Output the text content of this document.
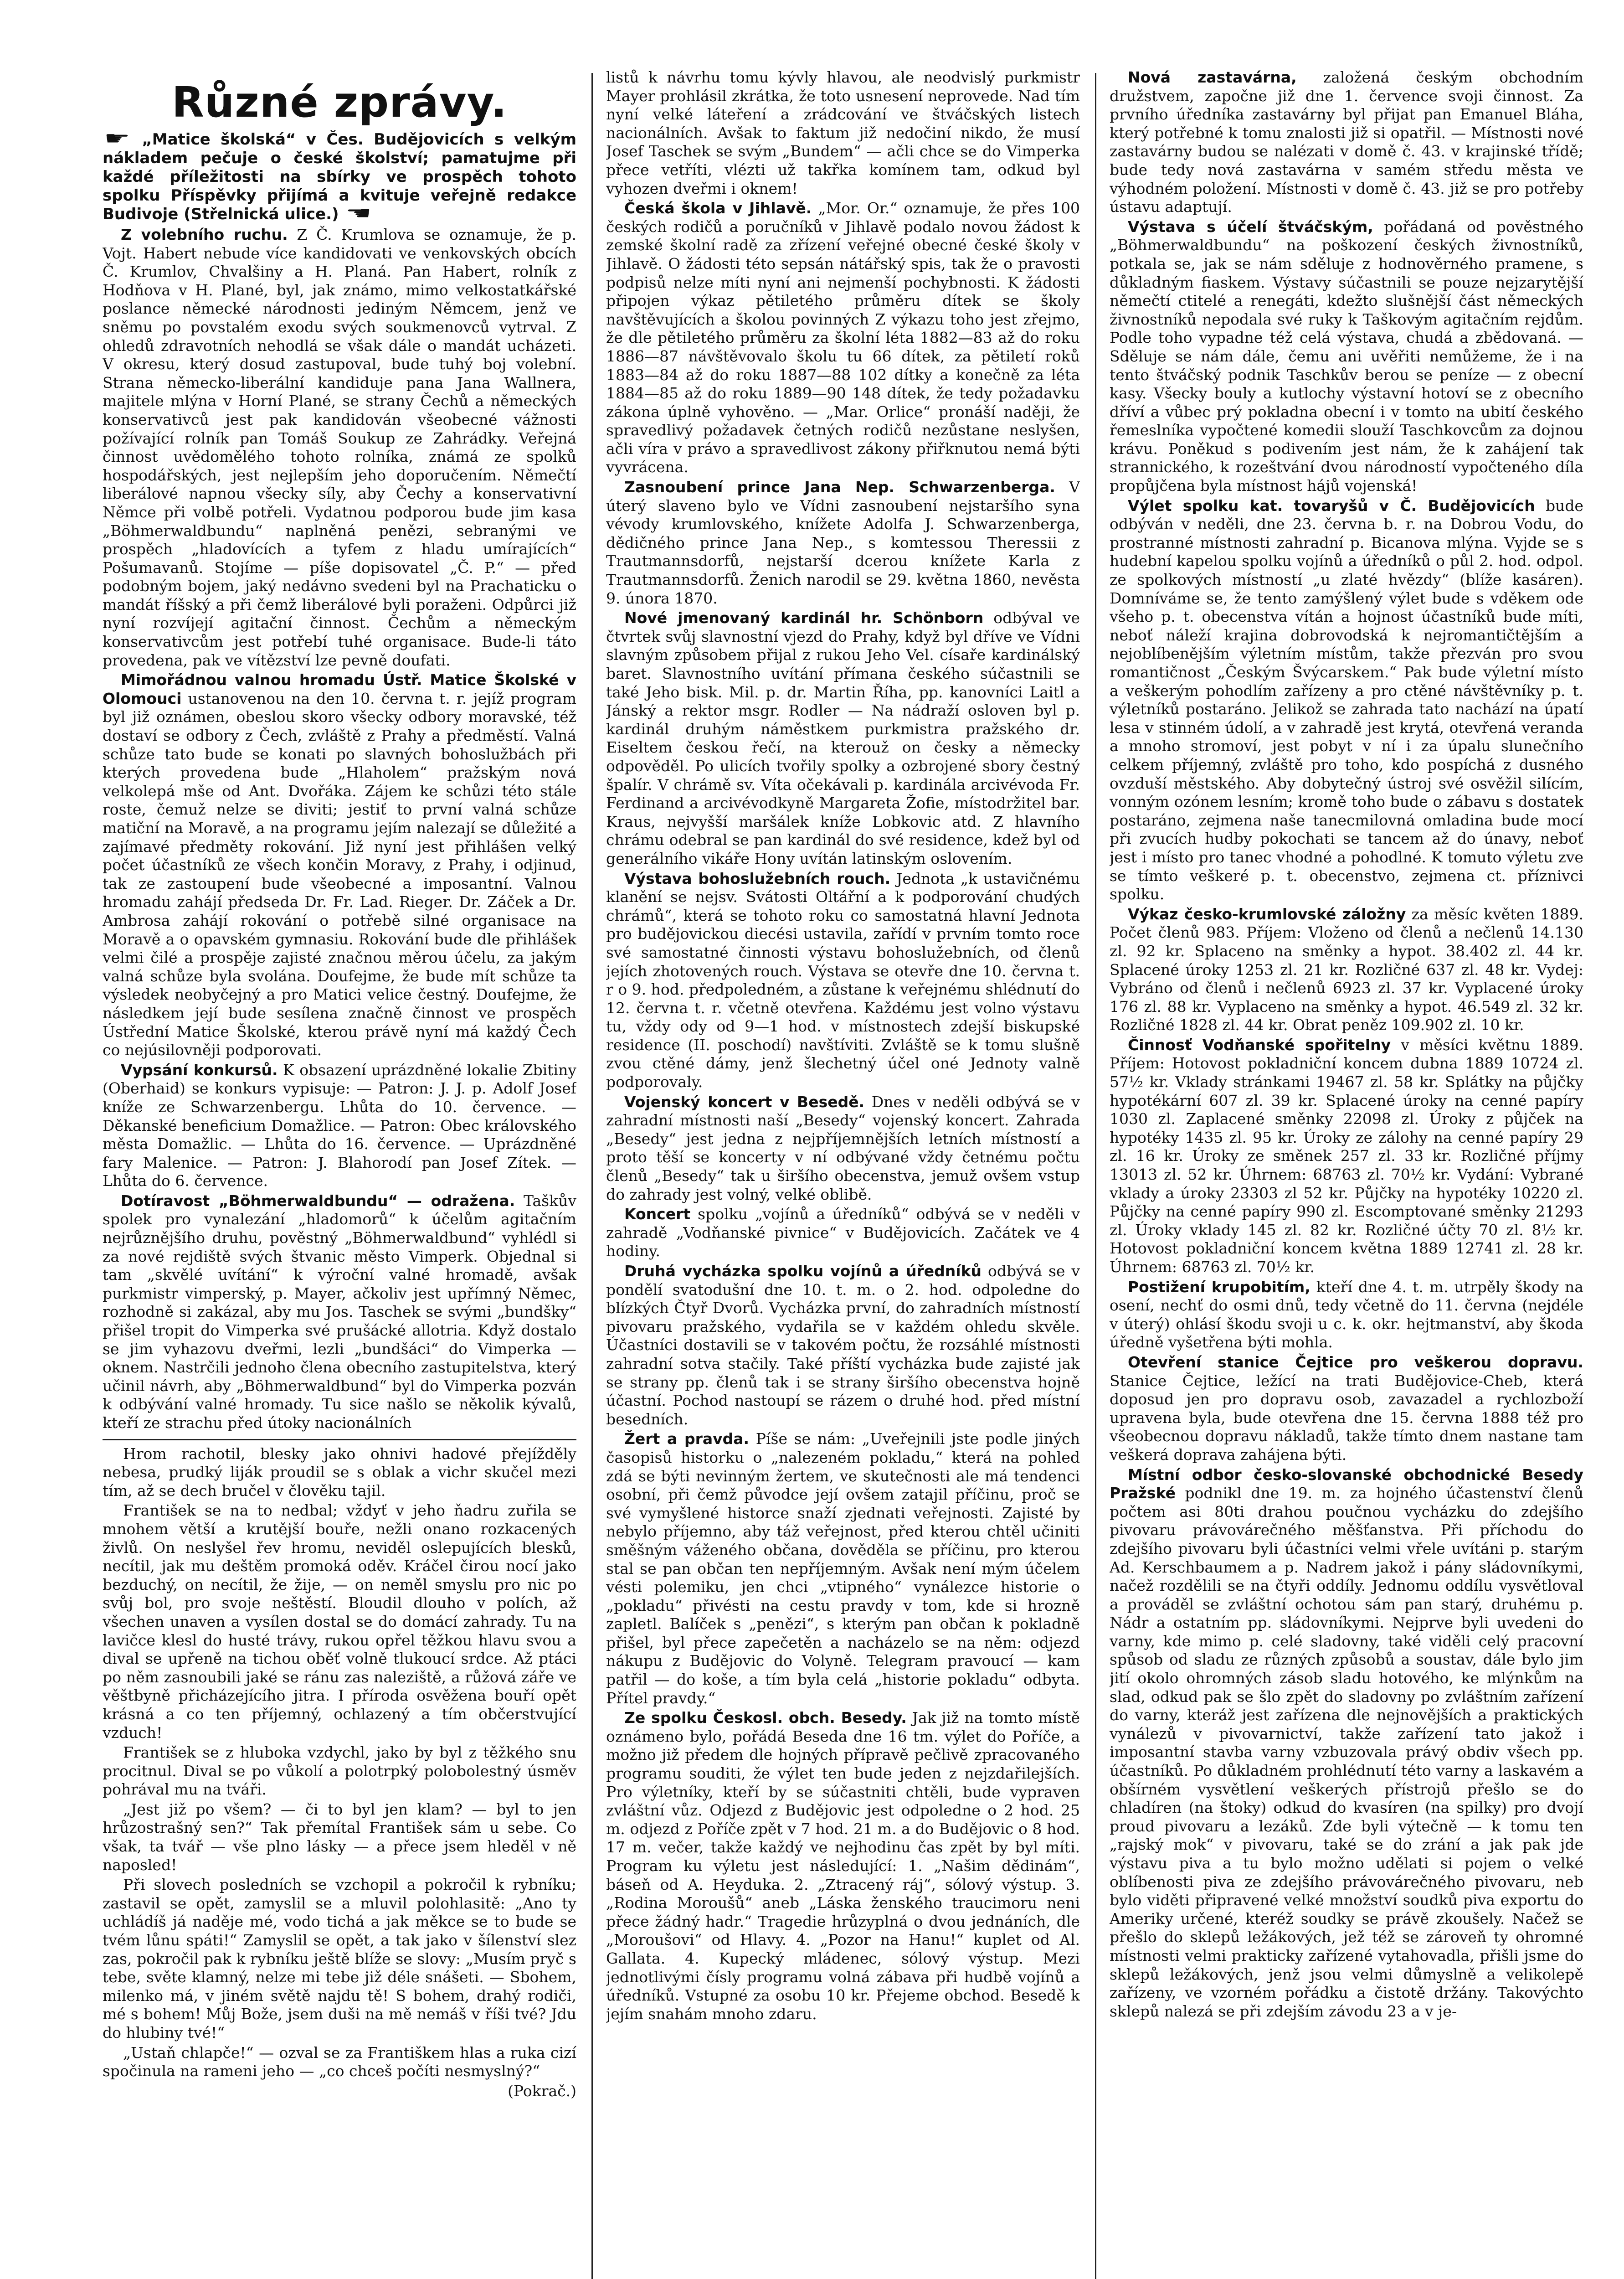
Různé zprávy.
☛ „Matice školská“ v Čes. Budějovicích s velkým nákladem pečuje o české školství; pamatujme při každé příležitosti na sbírky ve prospěch tohoto spolku Příspěvky přijímá a kvituje veřejně redakce Budivoje (Střelnická ulice.) ☚

Z volebního ruchu. Z Č. Krumlova se oznamuje, že p. Vojt. Habert nebude více kandidovati ve venkovských obcích Č. Krumlov, Chvalšiny a H. Planá. Pan Habert, rolník z Hodňova v H. Plané, byl, jak známo, mimo velkostatkářské poslance německé národnosti jediným Němcem, jenž ve sněmu po povstalém exodu svých soukmenovců vytrval. Z ohledů zdravotních nehodlá se však dále o mandát ucházeti. V okresu, který dosud zastupoval, bude tuhý boj volební. Strana německo-liberální kandiduje pana Jana Wallnera, majitele mlýna v Horní Plané, se strany Čechů a německých konservativců jest pak kandidován všeobecné vážnosti požívající rolník pan Tomáš Soukup ze Zahrádky. Veřejná činnost uvědomělého tohoto rolníka, známá ze spolků hospodářských, jest nejlepším jeho doporučením. Němečtí liberálové napnou všecky síly, aby Čechy a konservativní Němce při volbě potřeli. Vydatnou podporou bude jim kasa „Böhmerwaldbundu“ naplněná penězi, sebranými ve prospěch „hladovících a tyfem z hladu umírajících“ Pošumavanů. Stojíme — píše dopisovatel „Č. P.“ — před podobným bojem, jaký nedávno svedeni byl na Prachaticku o mandát říšský a při čemž liberálové byli poraženi. Odpůrci již nyní rozvíjejí agitační činnost. Čechům a německým konservativcům jest potřebí tuhé organisace. Bude-li táto provedena, pak ve vítězství lze pevně doufati.

Mimořádnou valnou hromadu Ústř. Matice Školské v Olomouci ustanovenou na den 10. června t. r. jejíž program byl již oznámen, obeslou skoro všecky odbory moravské, též dostaví se odbory z Čech, zvláště z Prahy a předměstí. Valná schůze tato bude se konati po slavných bohoslužbách při kterých provedena bude „Hlaholem“ pražským nová velkolepá mše od Ant. Dvořáka. Zájem ke schůzi této stále roste, čemuž nelze se diviti; jestiť to první valná schůze matiční na Moravě, a na programu jejím nalezají se důležité a zajímavé předměty rokování. Již nyní jest přihlášen velký počet účastníků ze všech končin Moravy, z Prahy, i odjinud, tak ze zastoupení bude všeobecné a imposantní. Valnou hromadu zahájí předseda Dr. Fr. Lad. Rieger. Dr. Záček a Dr. Ambrosa zahájí rokování o potřebě silné organisace na Moravě a o opavském gymnasiu. Rokování bude dle přihlášek velmi čilé a prospěje zajisté značnou měrou účelu, za jakým valná schůze byla svolána. Doufejme, že bude mít schůze ta výsledek neobyčejný a pro Matici velice čestný. Doufejme, že následkem její bude sesílena značně činnost ve prospěch Ústřední Matice Školské, kterou právě nyní má každý Čech co nejúsilovněji podporovati.

Vypsání konkursů. K obsazení uprázdněné lokalie Zbitiny (Oberhaid) se konkurs vypisuje: — Patron: J. J. p. Adolf Josef kníže ze Schwarzenbergu. Lhůta do 10. července. — Děkanské beneficium Domažlice. — Patron: Obec královského města Domažlic. — Lhůta do 16. července. — Uprázdněné fary Malenice. — Patron: J. Blahorodí pan Josef Zítek. — Lhůta do 6. července.

Dotíravost „Böhmerwaldbundu“ — odražena. Taškův spolek pro vynalezání „hladomorů“ k účelům agitačním nejrůznějšího druhu, pověstný „Böhmerwaldbund“ vyhlédl si za nové rejdiště svých štvanic město Vimperk. Objednal si tam „skvělé uvítání“ k výroční valné hromadě, avšak purkmistr vimperský, p. Mayer, ačkoliv jest upřímný Němec, rozhodně si zakázal, aby mu Jos. Taschek se svými „bundšky“ přišel tropit do Vimperka své prušácké allotria. Když dostalo se jim vyhazovu dveřmi, lezli „bundšáci“ do Vimperka — oknem. Nastrčili jednoho člena obecního zastupitelstva, který učinil návrh, aby „Böhmerwaldbund“ byl do Vimperka pozván k odbývání valné hromady. Tu sice našlo se několik kývalů, kteří ze strachu před útoky nacionálních

Hrom rachotil, blesky jako ohnivi hadové přejížděly nebesa, prudký liják proudil se s oblak a vichr skučel mezi tím, až se dech bručel v člověku tajil.

František se na to nedbal; vždyť v jeho ňadru zuřila se mnohem větší a krutější bouře, nežli onano rozkacených živlů. On neslyšel řev hromu, neviděl oslepujících blesků, necítil, jak mu deštěm promoká oděv. Kráčel čirou nocí jako bezduchý, on necítil, že žije, — on neměl smyslu pro nic po svůj bol, pro svoje neštěstí. Bloudil dlouho v polích, až všechen unaven a vysílen dostal se do domácí zahrady. Tu na lavičce klesl do husté trávy, rukou opřel těžkou hlavu svou a dival se upřeně na tichou oběť volně tlukoucí srdce. Až ptáci po něm zasnoubili jaké se ránu zas naleziště, a růžová záře ve věštbyně přicházejícího jitra. I příroda osvěžena bouří opět krásná a co ten příjemný, ochlazený a tím občerstvující vzduch!

František se z hluboka vzdychl, jako by byl z těžkého snu procitnul. Dival se po vůkolí a polotrpký polobolestný úsměv pohrával mu na tváři.

„Jest již po všem? — či to byl jen klam? — byl to jen hrůzostrašný sen?“ Tak přemítal František sám u sebe. Co však, ta tvář — vše plno lásky — a přece jsem hleděl v ně naposled!

Při slovech posledních se vzchopil a pokročil k rybníku; zastavil se opět, zamyslil se a mluvil polohlasitě: „Ano ty uchládíš já naděje mé, vodo tichá a jak měkce se to bude se tvém lůnu spáti!“ Zamyslil se opět, a tak jako v šílenství slez zas, pokročil pak k rybníku ještě blíže se slovy: „Musím pryč s tebe, světe klamný, nelze mi tebe již déle snášeti. — Sbohem, milenko má, v jiném světě najdu tě! S bohem, drahý rodiči, mé s bohem! Můj Bože, jsem duši na mě nemáš v říši tvé? Jdu do hlubiny tvé!“

„Ustaň chlapče!“ — ozval se za Františkem hlas a ruka cizí spočinula na rameni jeho — „co chceš počíti nesmyslný?“

(Pokrač.)

listů k návrhu tomu kývly hlavou, ale neodvislý purkmistr Mayer prohlásil zkrátka, že toto usnesení neprovede. Nad tím nyní velké láteření a zrádcování ve štváčských listech nacionálních. Avšak to faktum již nedočiní nikdo, že musí Josef Taschek se svým „Bundem“ — ačli chce se do Vimperka přece vetříti, vlézti už takřka komínem tam, odkud byl vyhozen dveřmi i oknem!

Česká škola v Jihlavě. „Mor. Or.“ oznamuje, že přes 100 českých rodičů a poručníků v Jihlavě podalo novou žádost k zemské školní radě za zřízení veřejné obecné české školy v Jihlavě. O žádosti této sepsán nátářský spis, tak že o pravosti podpisů nelze míti nyní ani nejmenší pochybnosti. K žádosti připojen výkaz pětiletého průměru dítek se školy navštěvujících a školou povinných Z výkazu toho jest zřejmo, že dle pětiletého průměru za školní léta 1882—83 až do roku 1886—87 návštěvovalo školu tu 66 dítek, za pětiletí roků 1883—84 až do roku 1887—88 102 dítky a konečně za léta 1884—85 až do roku 1889—90 148 dítek, že tedy požadavku zákona úplně vyhověno. — „Mar. Orlice“ pronáší naději, že spravedlivý požadavek četných rodičů nezůstane neslyšen, ačli víra v právo a spravedlivost zákony přiřknutou nemá býti vyvrácena.

Zasnoubení prince Jana Nep. Schwarzenberga. V úterý slaveno bylo ve Vídni zasnoubení nejstaršího syna vévody krumlovského, knížete Adolfa J. Schwarzenberga, dědičného prince Jana Nep., s komtessou Theressii z Trautmannsdorfů, nejstarší dcerou knížete Karla z Trautmannsdorfů. Ženich narodil se 29. května 1860, nevěsta 9. února 1870.

Nové jmenovaný kardinál hr. Schönborn odbýval ve čtvrtek svůj slavnostní vjezd do Prahy, když byl dříve ve Vídni slavným způsobem přijal z rukou Jeho Vel. císaře kardinálský baret. Slavnostního uvítání přímana českého súčastnili se také Jeho bisk. Mil. p. dr. Martin Říha, pp. kanovníci Laitl a Jánský a rektor msgr. Rodler — Na nádraží osloven byl p. kardinál druhým náměstkem purkmistra pražského dr. Eiseltem českou řečí, na kterouž on česky a německy odpověděl. Po ulicích tvořily spolky a ozbrojené sbory čestný špalír. V chrámě sv. Víta očekávali p. kardinála arcivévoda Fr. Ferdinand a arcivévodkyně Margareta Žofie, místodržitel bar. Kraus, nejvyšší maršálek kníže Lobkovic atd. Z hlavního chrámu odebral se pan kardinál do své residence, kdež byl od generálního vikáře Hony uvítán latinským oslovením.

Výstava bohoslužebních rouch. Jednota „k ustavičnému klanění se nejsv. Svátosti Oltářní a k podporování chudých chrámů“, která se tohoto roku co samostatná hlavní Jednota pro budějovickou diecési ustavila, zařídí v prvním tomto roce své samostatné činnosti výstavu bohoslužebních, od členů jejích zhotovených rouch. Výstava se otevře dne 10. června t. r o 9. hod. předpoledném, a zůstane k veřejnému shlédnutí do 12. června t. r. včetně otevřena. Každému jest volno výstavu tu, vždy ody od 9—1 hod. v místnostech zdejší biskupské residence (II. poschodí) navštíviti. Zvláště se k tomu slušně zvou ctěné dámy, jenž šlechetný účel oné Jednoty valně podporovaly.

Vojenský koncert v Besedě. Dnes v neděli odbývá se v zahradní místnosti naší „Besedy“ vojenský koncert. Zahrada „Besedy“ jest jedna z nejpříjemnějších letních místností a proto těší se koncerty v ní odbývané vždy četnému počtu členů „Besedy“ tak u širšího obecenstva, jemuž ovšem vstup do zahrady jest volný, velké oblibě.

Koncert spolku „vojínů a úředníků“ odbývá se v neděli v zahradě „Vodňanské pivnice“ v Budějovicích. Začátek ve 4 hodiny.

Druhá vycházka spolku vojínů a úředníků odbývá se v pondělí svatodušní dne 10. t. m. o 2. hod. odpoledne do blízkých Čtyř Dvorů. Vycházka první, do zahradních místností pivovaru pražského, vydařila se v každém ohledu skvěle. Účastníci dostavili se v takovém počtu, že rozsáhlé místnosti zahradní sotva stačily. Také příští vycházka bude zajisté jak se strany pp. členů tak i se strany širšího obecenstva hojně účastní. Pochod nastoupí se rázem o druhé hod. před místní besedních.

Žert a pravda. Píše se nám: „Uveřejnili jste podle jiných časopisů historku o „nalezeném pokladu,“ která na pohled zdá se býti nevinným žertem, ve skutečnosti ale má tendenci osobní, při čemž původce její ovšem zatajil příčinu, proč se své vymyšlené historce snaží zjednati veřejnosti. Zajisté by nebylo příjemno, aby táž veřejnost, před kterou chtěl učiniti směšným váženého občana, dověděla se příčinu, pro kterou stal se pan občan ten nepříjemným. Avšak není mým účelem vésti polemiku, jen chci „vtipného“ vynálezce historie o „pokladu“ přivésti na cestu pravdy v tom, kde si hrozně zapletl. Balíček s „penězi“, s kterým pan občan k pokladně přišel, byl přece zapečetěn a nacházelo se na něm: odjezd nákupu z Budějovic do Volyně. Telegram pravoucí — kam patřil — do koše, a tím byla celá „historie pokladu“ odbyta. Přítel pravdy.“

Ze spolku Českosl. obch. Besedy. Jak již na tomto místě oznámeno bylo, pořádá Beseda dne 16 tm. výlet do Poříče, a možno již předem dle hojných přípravě pečlivě zpracovaného programu souditi, že výlet ten bude jeden z nejzdařilejších. Pro výletníky, kteří by se súčastniti chtěli, bude vypraven zvláštní vůz. Odjezd z Budějovic jest odpoledne o 2 hod. 25 m. odjezd z Poříče zpět v 7 hod. 21 m. a do Budějovic o 8 hod. 17 m. večer, takže každý ve nejhodinu čas zpět by byl míti. Program ku výletu jest následující: 1. „Našim dědinám“, báseň od A. Heyduka. 2. „Ztracený ráj“, sólový výstup. 3. „Rodina Moroušů“ aneb „Láska ženského traucimoru neni přece žádný hadr.“ Tragedie hrůzyplná o dvou jednáních, dle „Moroušovi“ od Hlavy. 4. „Pozor na Hanu!“ kuplet od Al. Gallata. 4. Kupecký mládenec, sólový výstup. Mezi jednotlivými čísly programu volná zábava při hudbě vojínů a úředníků. Vstupné za osobu 10 kr. Přejeme obchod. Besedě k jejím snahám mnoho zdaru.

Nová zastavárna, založená českým obchodním družstvem, započne již dne 1. července svoji činnost. Za prvního úředníka zastavárny byl přijat pan Emanuel Bláha, který potřebné k tomu znalosti již si opatřil. — Místnosti nové zastavárny budou se nalézati v domě č. 43. v krajinské třídě; bude tedy nová zastavárna v samém středu města ve výhodném položení. Místnosti v domě č. 43. již se pro potřeby ústavu adaptují.

Výstava s účelí štváčským, pořádaná od pověstného „Böhmerwaldbundu“ na poškození českých živnostníků, potkala se, jak se nám sděluje z hodnověrného pramene, s důkladným fiaskem. Výstavy súčastnili se pouze nejzarytější němečtí ctitelé a renegáti, kdežto slušnější část německých živnostníků nepodala své ruky k Taškovým agitačním rejdům. Podle toho vypadne též celá výstava, chudá a zbědovaná. — Sděluje se nám dále, čemu ani uvěřiti nemůžeme, že i na tento štváčský podnik Taschkův berou se peníze — z obecní kasy. Všecky bouly a kutlochy výstavní hotoví se z obecního dříví a vůbec prý pokladna obecní i v tomto na ubití českého řemeslníka vypočtené komedii slouží Taschkovcům za dojnou krávu. Poněkud s podivením jest nám, že k zahájení tak strannického, k rozeštvání dvou národností vypočteného díla propůjčena byla místnost hájů vojenská!

Výlet spolku kat. tovaryšů v Č. Budějovicích bude odbýván v neděli, dne 23. června b. r. na Dobrou Vodu, do prostranné místnosti zahradní p. Bicanova mlýna. Vyjde se s hudební kapelou spolku vojínů a úředníků o půl 2. hod. odpol. ze spolkových místností „u zlaté hvězdy“ (blíže kasáren). Domníváme se, že tento zamýšlený výlet bude s vděkem ode všeho p. t. obecenstva vítán a hojnost účastníků bude míti, neboť náleží krajina dobrovodská k nejromantičtějším a nejoblíbenějším výletním místům, takže přezván pro svou romantičnost „Českým Švýcarskem.“ Pak bude výletní místo a veškerým pohodlím zařízeny a pro ctěné návštěvníky p. t. výletníků postaráno. Jelikož se zahrada tato nachází na úpatí lesa v stinném údolí, a v zahradě jest krytá, otevřená veranda a mnoho stromoví, jest pobyt v ní i za úpalu slunečního celkem příjemný, zvláště pro toho, kdo pospíchá z dusného ovzduší městského. Aby dobytečný ústroj své osvěžil silícím, vonným ozónem lesním; kromě toho bude o zábavu s dostatek postaráno, zejmena naše tanecmilovná omladina bude mocí při zvucích hudby pokochati se tancem až do únavy, neboť jest i místo pro tanec vhodné a pohodlné. K tomuto výletu zve se tímto veškeré p. t. obecenstvo, zejmena ct. příznivci spolku.

Výkaz česko-krumlovské záložny za měsíc květen 1889. Počet členů 983. Příjem: Vloženo od členů a nečlenů 14.130 zl. 92 kr. Splaceno na směnky a hypot. 38.402 zl. 44 kr. Splacené úroky 1253 zl. 21 kr. Rozličné 637 zl. 48 kr. Vydej: Vybráno od členů i nečlenů 6923 zl. 37 kr. Vyplacené úroky 176 zl. 88 kr. Vyplaceno na směnky a hypot. 46.549 zl. 32 kr. Rozličné 1828 zl. 44 kr. Obrat peněz 109.902 zl. 10 kr.

Činnosť Vodňanské spořitelny v měsíci květnu 1889. Příjem: Hotovost pokladniční koncem dubna 1889 10724 zl. 57½ kr. Vklady stránkami 19467 zl. 58 kr. Splátky na půjčky hypotékární 607 zl. 39 kr. Splacené úroky na cenné papíry 1030 zl. Zaplacené směnky 22098 zl. Úroky z půjček na hypotéky 1435 zl. 95 kr. Úroky ze zálohy na cenné papíry 29 zl. 16 kr. Úroky ze směnek 257 zl. 33 kr. Rozličné příjmy 13013 zl. 52 kr. Úhrnem: 68763 zl. 70½ kr. Vydání: Vybrané vklady a úroky 23303 zl 52 kr. Půjčky na hypotéky 10220 zl. Půjčky na cenné papíry 990 zl. Escomptované směnky 21293 zl. Úroky vklady 145 zl. 82 kr. Rozličné účty 70 zl. 8½ kr. Hotovost pokladniční koncem května 1889 12741 zl. 28 kr. Úhrnem: 68763 zl. 70½ kr.

Postižení krupobitím, kteří dne 4. t. m. utrpěly škody na osení, nechť do osmi dnů, tedy včetně do 11. června (nejdéle v úterý) ohlásí škodu svoji u c. k. okr. hejtmanství, aby škoda úředně vyšetřena býti mohla.

Otevření stanice Čejtice pro veškerou dopravu. Stanice Čejtice, ležící na trati Budějovice-Cheb, která doposud jen pro dopravu osob, zavazadel a rychlozboží upravena byla, bude otevřena dne 15. června 1888 též pro všeobecnou dopravu nákladů, takže tímto dnem nastane tam veškerá doprava zahájena býti.

Místní odbor česko-slovanské obchodnické Besedy Pražské podnikl dne 19. m. za hojného účastenství členů počtem asi 80ti drahou poučnou vycházku do zdejšího pivovaru právovárečného měšťanstva. Při příchodu do zdejšího pivovaru byli účastníci velmi vřele uvítáni p. starým Ad. Kerschbaumem a p. Nadrem jakož i pány sládovníkymi, načež rozdělili se na čtyři oddíly. Jednomu oddílu vysvětloval a prováděl se zvláštní ochotou sám pan starý, druhému p. Nádr a ostatním pp. sládovníkymi. Nejprve byli uvedeni do varny, kde mimo p. celé sladovny, také viděli celý pracovní spůsob od sladu ze různých způsobů a soustav, dále bylo jim jití okolo ohromných zásob sladu hotového, ke mlýnkům na slad, odkud pak se šlo zpět do sladovny po zvláštním zařízení do varny, kteráž jest zařízena dle nejnovějších a praktických vynálezů v pivovarnictví, takže zařízení tato jakož i imposantní stavba varny vzbuzovala právý obdiv všech pp. účastníků. Po důkladném prohlédnutí této varny a laskavém a obšírném vysvětlení veškerých přístrojů přešlo se do chladíren (na štoky) odkud do kvasíren (na spilky) pro dvojí proud pivovaru a lezáků. Zde byli výtečně — k tomu ten „rajský mok“ v pivovaru, také se do zrání a jak pak jde výstavu piva a tu bylo možno udělati si pojem o velké oblíbenosti piva ze zdejšího právovárečného pivovaru, neb bylo viděti připravené velké množství soudků piva exportu do Ameriky určené, kteréž soudky se právě zkoušely. Načež se přešlo do sklepů ležákových, jež též se zároveň ty ohromné místnosti velmi prakticky zařízené vytahovadla, přišli jsme do sklepů ležákových, jenž jsou velmi důmyslně a velikolepě zařízeny, ve vzorném pořádku a čistotě držány. Takovýchto sklepů nalezá se při zdejším závodu 23 a v je-
